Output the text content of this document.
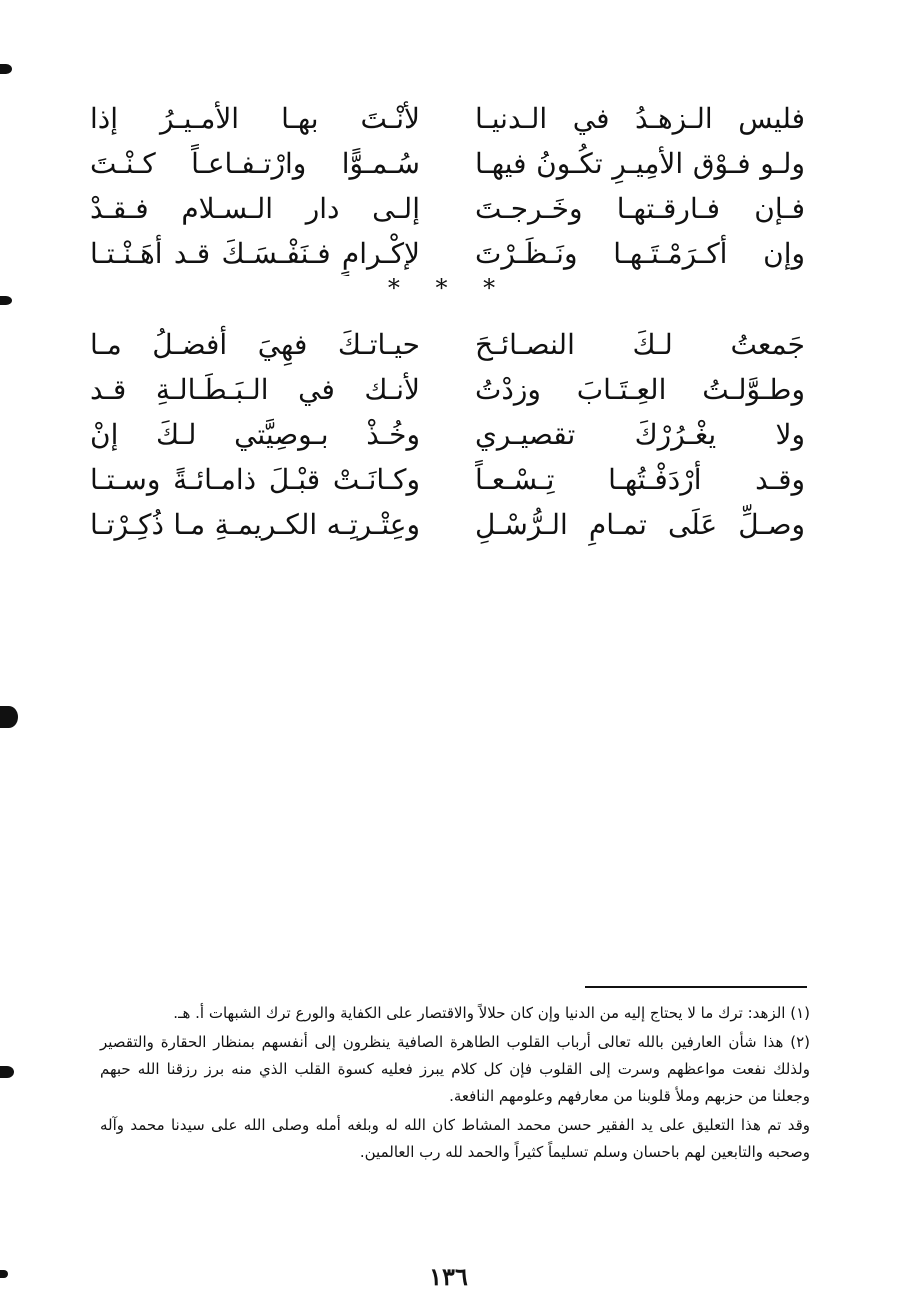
فليس الـزهـدُ في الـدنيـا
لأنْـتَ بهـا الأمـيـرُ إذا
ولـو فـوْق الأمِيـرِ تكُـونُ فيهـا
سُـمـوًّا وارْتـفـاعـاً كـنْـتَ
فـإن فـارقـتهـا وخَـرجـتَ
إلـى دار الـسـلام فـقـدْ
وإن أكـرَمْـتَـهـا ونَـظَـرْتَ
لإكْـرامٍ فـنَفْـسَـكَ قـد أهَـنْـتـا
* * *
جَمعتُ لـكَ النصـائـحَ
حيـاتـكَ فهِيَ أفضـلُ مـا
وطـوَّلـتُ العِـتَـابَ وزدْتُ
لأنـك في الـبَـطَـالـةِ قـد
ولا يغْـرُرْكَ تقصيـري
وخُـذْ بـوصِيَّتي لـكَ إنْ
وقـد أرْدَفْـتُهـا تِـسْـعـاً
وكـانَـتْ قبْـلَ ذامـائـةً وسـتـا
وصـلِّ عَلَى تمـامِ الـرُّسْـلِ
وعِتْـرتِـه الكـريمـةِ مـا ذُكِـرْتـا

(١) الزهد: ترك ما لا يحتاج إليه من الدنيا وإن كان حلالاً والاقتصار على الكفاية والورع ترك الشبهات أ. هـ.

(٢) هذا شأن العارفين بالله تعالى أرباب القلوب الطاهرة الصافية ينظرون إلى أنفسهم بمنظار الحقارة والتقصير ولذلك نفعت مواعظهم وسرت إلى القلوب فإن كل كلام يبرز فعليه كسوة القلب الذي منه برز رزقنا الله حبهم وجعلنا من حزبهم وملأ قلوبنا من معارفهم وعلومهم النافعة.

وقد تم هذا التعليق على يد الفقير حسن محمد المشاط كان الله له وبلغه أمله وصلى الله على سيدنا محمد وآله وصحبه والتابعين لهم باحسان وسلم تسليماً كثيراً والحمد لله رب العالمين.

١٣٦
